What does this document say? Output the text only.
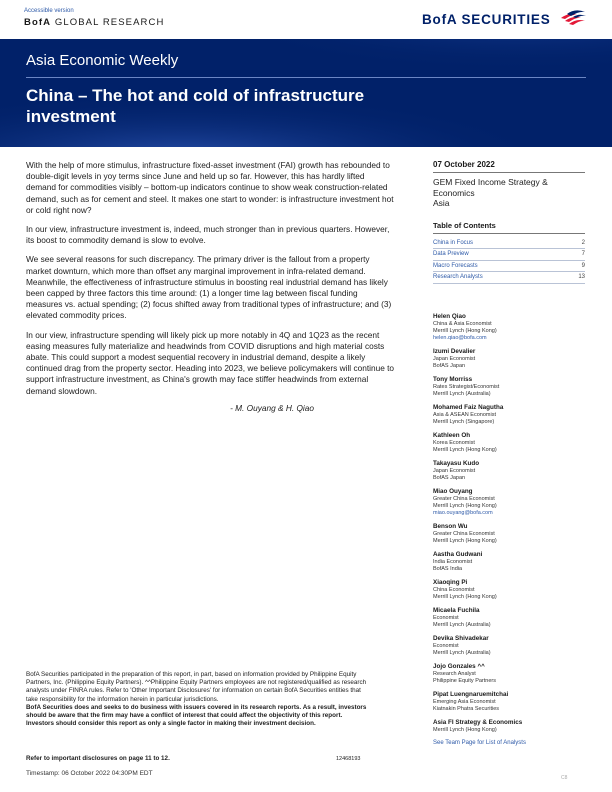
Accessible version
BofA GLOBAL RESEARCH	BofA SECURITIES
Asia Economic Weekly
China – The hot and cold of infrastructure investment

With the help of more stimulus, infrastructure fixed-asset investment (FAI) growth has rebounded to double-digit levels in yoy terms since June and held up so far. However, this has hardly lifted demand for commodities visibly – bottom-up indicators continue to show weak construction-related demand, such as for cement and steel. It makes one start to wonder: is infrastructure investment hot or cold right now?

In our view, infrastructure investment is, indeed, much stronger than in previous quarters. However, its boost to commodity demand is slow to evolve.

We see several reasons for such discrepancy. The primary driver is the fallout from a property market downturn, which more than offset any marginal improvement in infra-related demand. Meanwhile, the effectiveness of infrastructure stimulus in boosting real industrial demand has likely been capped by three factors this time around: (1) a longer time lag between fiscal funding measures vs. actual spending; (2) focus shifted away from traditional types of infrastructure; and (3) elevated commodity prices.

In our view, infrastructure spending will likely pick up more notably in 4Q and 1Q23 as the recent easing measures fully materialize and headwinds from COVID disruptions and high material costs abate. This could support a modest sequential recovery in industrial demand, despite a likely continued drag from the property sector. Heading into 2023, we believe policymakers will continue to support infrastructure investment, as China's growth may face stiffer headwinds from external demand slowdown.

- M. Ouyang & H. Qiao
07 October 2022
GEM Fixed Income Strategy &
Economics
Asia
Table of Contents
China in Focus	2
Data Preview	7
Macro Forecasts	9
Research Analysts	13
Helen Qiao
China & Asia Economist
Merrill Lynch (Hong Kong)
helen.qiao@bofa.com
Izumi Devalier
Japan Economist
BofAS Japan
Tony Morriss
Rates Strategist/Economist
Merrill Lynch (Australia)
Mohamed Faiz Nagutha
Asia & ASEAN Economist
Merrill Lynch (Singapore)
Kathleen Oh
Korea Economist
Merrill Lynch (Hong Kong)
Takayasu Kudo
Japan Economist
BofAS Japan
Miao Ouyang
Greater China Economist
Merrill Lynch (Hong Kong)
miao.ouyang@bofa.com
Benson Wu
Greater China Economist
Merrill Lynch (Hong Kong)
Aastha Gudwani
India Economist
BofAS India
Xiaoqing Pi
China Economist
Merrill Lynch (Hong Kong)
Micaela Fuchila
Economist
Merrill Lynch (Australia)
Devika Shivadekar
Economist
Merrill Lynch (Australia)
Jojo Gonzales ^^
Research Analyst
Philippine Equity Partners
Pipat Luengnaruemitchai
Emerging Asia Economist
Kiatnakin Phatra Securities
Asia FI Strategy & Economics
Merrill Lynch (Hong Kong)
See Team Page for List of Analysts
BofA Securities participated in the preparation of this report, in part, based on information provided by Philippine Equity Partners, Inc. (Philippine Equity Partners). ^^Philippine Equity Partners employees are not registered/qualified as research analysts under FINRA rules. Refer to 'Other Important Disclosures' for information on certain BofA Securities entities that take responsibility for the information herein in particular jurisdictions.
BofA Securities does and seeks to do business with issuers covered in its research reports. As a result, investors should be aware that the firm may have a conflict of interest that could affect the objectivity of this report. Investors should consider this report as only a single factor in making their investment decision.
Refer to important disclosures on page 11 to 12.	12468193
Timestamp: 06 October 2022 04:30PM EDT
C8
